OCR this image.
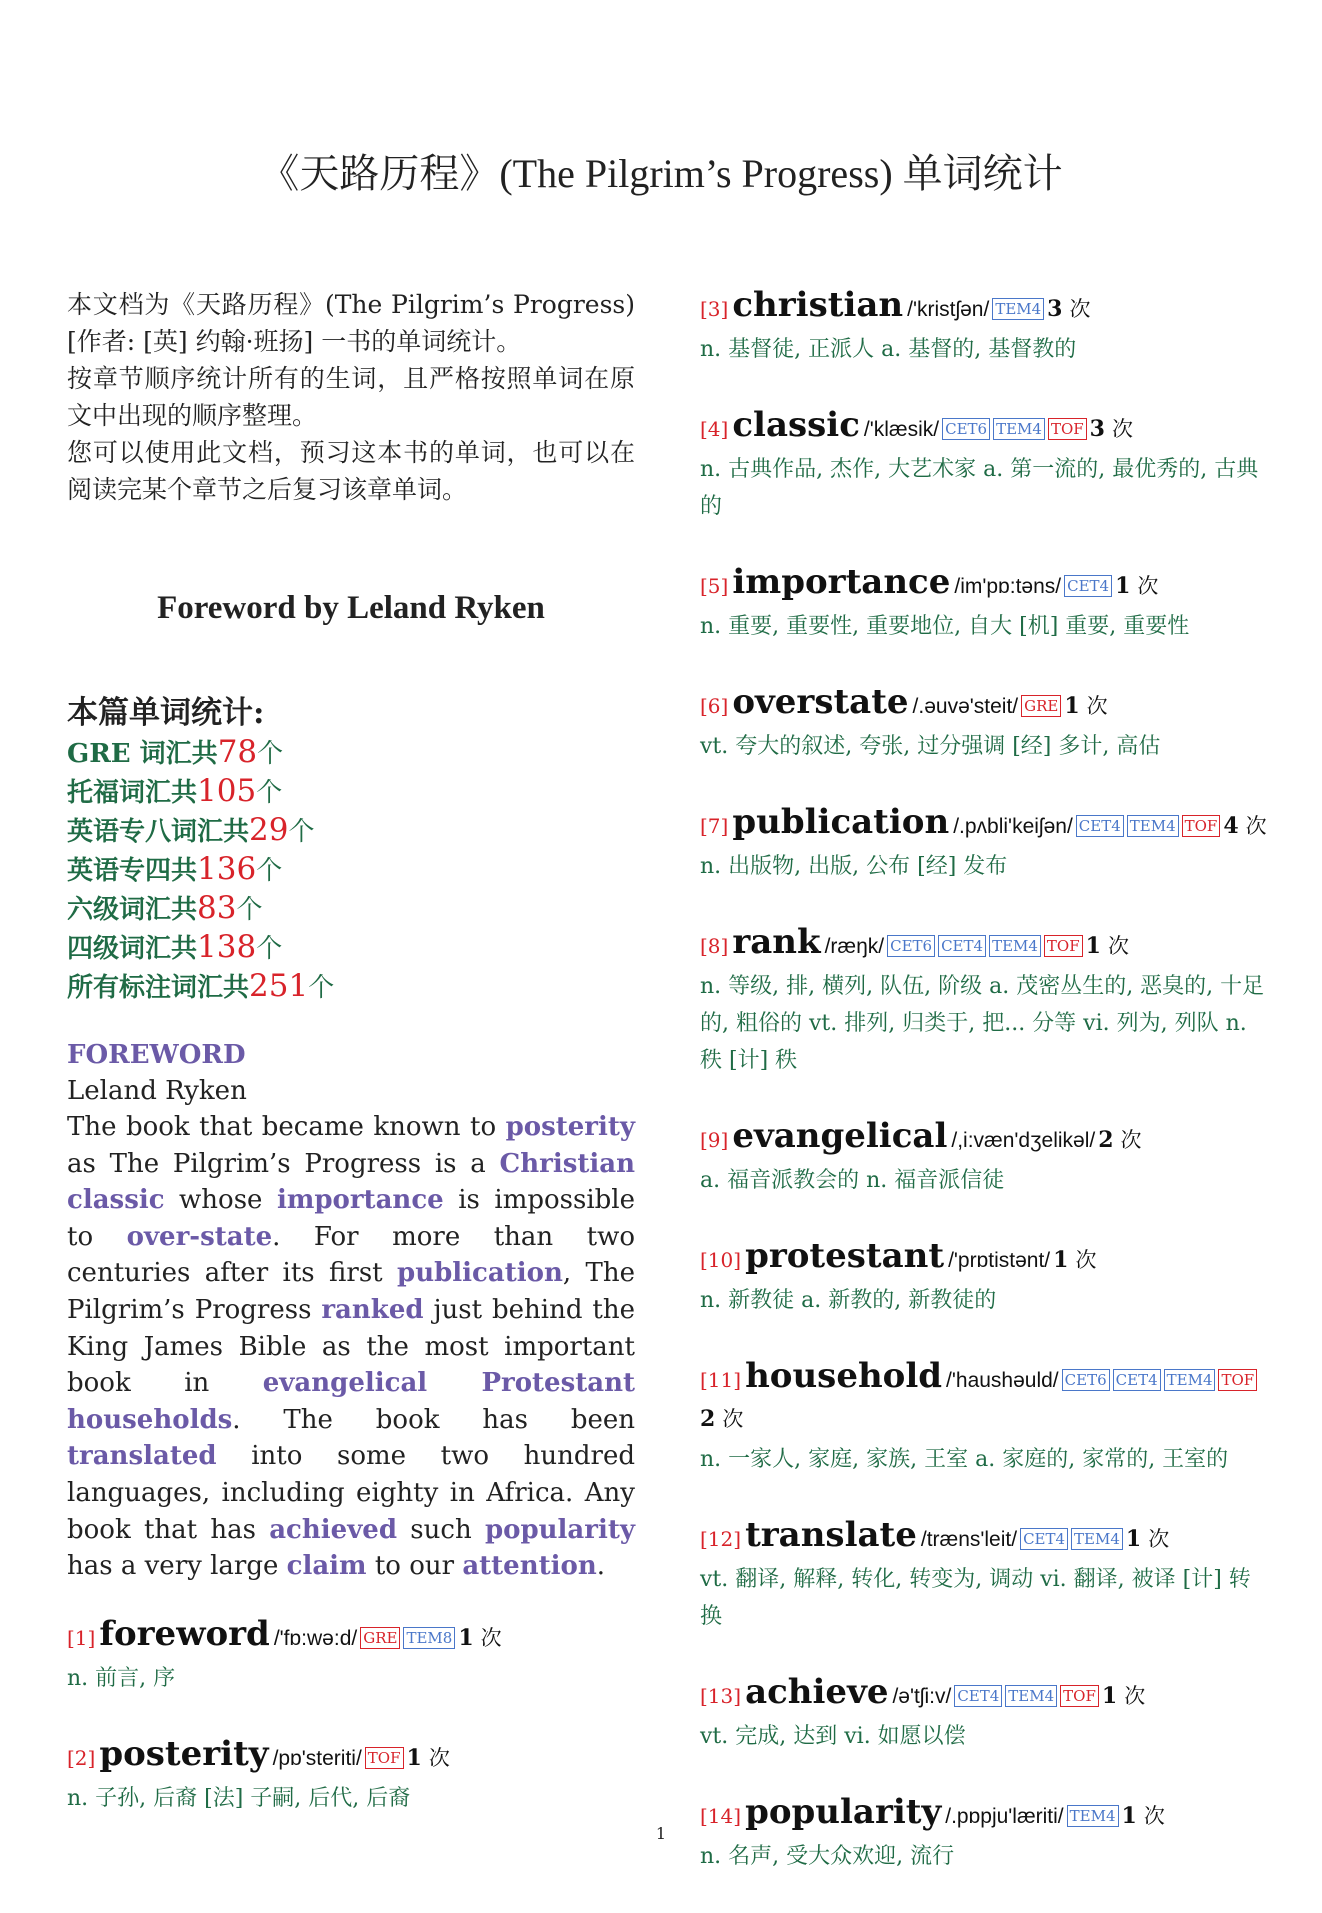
《天路历程》(The Pilgrim’s Progress) 单词统计

本文档为《天路历程》(The Pilgrim’s Progress)[作者: [英] 约翰·班扬] 一书的单词统计。

按章节顺序统计所有的生词，且严格按照单词在原文中出现的顺序整理。

您可以使用此文档，预习这本书的单词，也可以在阅读完某个章节之后复习该章单词。

Foreword by Leland Ryken
本篇单词统计:
GRE 词汇共78个
托福词汇共105个
英语专八词汇共29个
英语专四共136个
六级词汇共83个
四级词汇共138个
所有标注词汇共251个
FOREWORD
Leland Ryken
The book that became known to posterity as The Pilgrim’s Progress is a Christian classic whose importance is impossible to over-state. For more than two centuries after its first publication, The Pilgrim’s Progress ranked just behind the King James Bible as the most important book in evangelical Protestant households. The book has been translated into some two hundred languages, including eighty in Africa. Any book that has achieved such popularity has a very large claim to our attention.
[1] foreword /'fɒ:wə:d/ GRE TEM8 1 次
n. 前言, 序
[2] posterity /pɒ'steriti/ TOF 1 次
n. 子孙, 后裔 [法] 子嗣, 后代, 后裔
[3] christian /'kristʃən/ TEM4 3 次
n. 基督徒, 正派人 a. 基督的, 基督教的
[4] classic /'klæsik/ CET6 TEM4 TOF 3 次
n. 古典作品, 杰作, 大艺术家 a. 第一流的, 最优秀的, 古典的
[5] importance /im'pɒ:təns/ CET4 1 次
n. 重要, 重要性, 重要地位, 自大 [机] 重要, 重要性
[6] overstate /.əuvə'steit/ GRE 1 次
vt. 夸大的叙述, 夸张, 过分强调 [经] 多计, 高估
[7] publication /.pʌbli'keiʃən/ CET4 TEM4 TOF 4 次
n. 出版物, 出版, 公布 [经] 发布
[8] rank /ræŋk/ CET6 CET4 TEM4 TOF 1 次
n. 等级, 排, 横列, 队伍, 阶级 a. 茂密丛生的, 恶臭的, 十足的, 粗俗的 vt. 排列, 归类于, 把... 分等 vi. 列为, 列队 n. 秩 [计] 秩
[9] evangelical /,i:væn'dʒelikəl/ 2 次
a. 福音派教会的 n. 福音派信徒
[10] protestant /'prɒtistənt/ 1 次
n. 新教徒 a. 新教的, 新教徒的
[11] household /'haushəuld/ CET6 CET4 TEM4 TOF2 次
n. 一家人, 家庭, 家族, 王室 a. 家庭的, 家常的, 王室的
[12] translate /træns'leit/ CET4 TEM4 1 次
vt. 翻译, 解释, 转化, 转变为, 调动 vi. 翻译, 被译 [计] 转换
[13] achieve /ə'tʃi:v/ CET4 TEM4 TOF 1 次
vt. 完成, 达到 vi. 如愿以偿
[14] popularity /.pɒpju'læriti/ TEM4 1 次
n. 名声, 受大众欢迎, 流行
1
